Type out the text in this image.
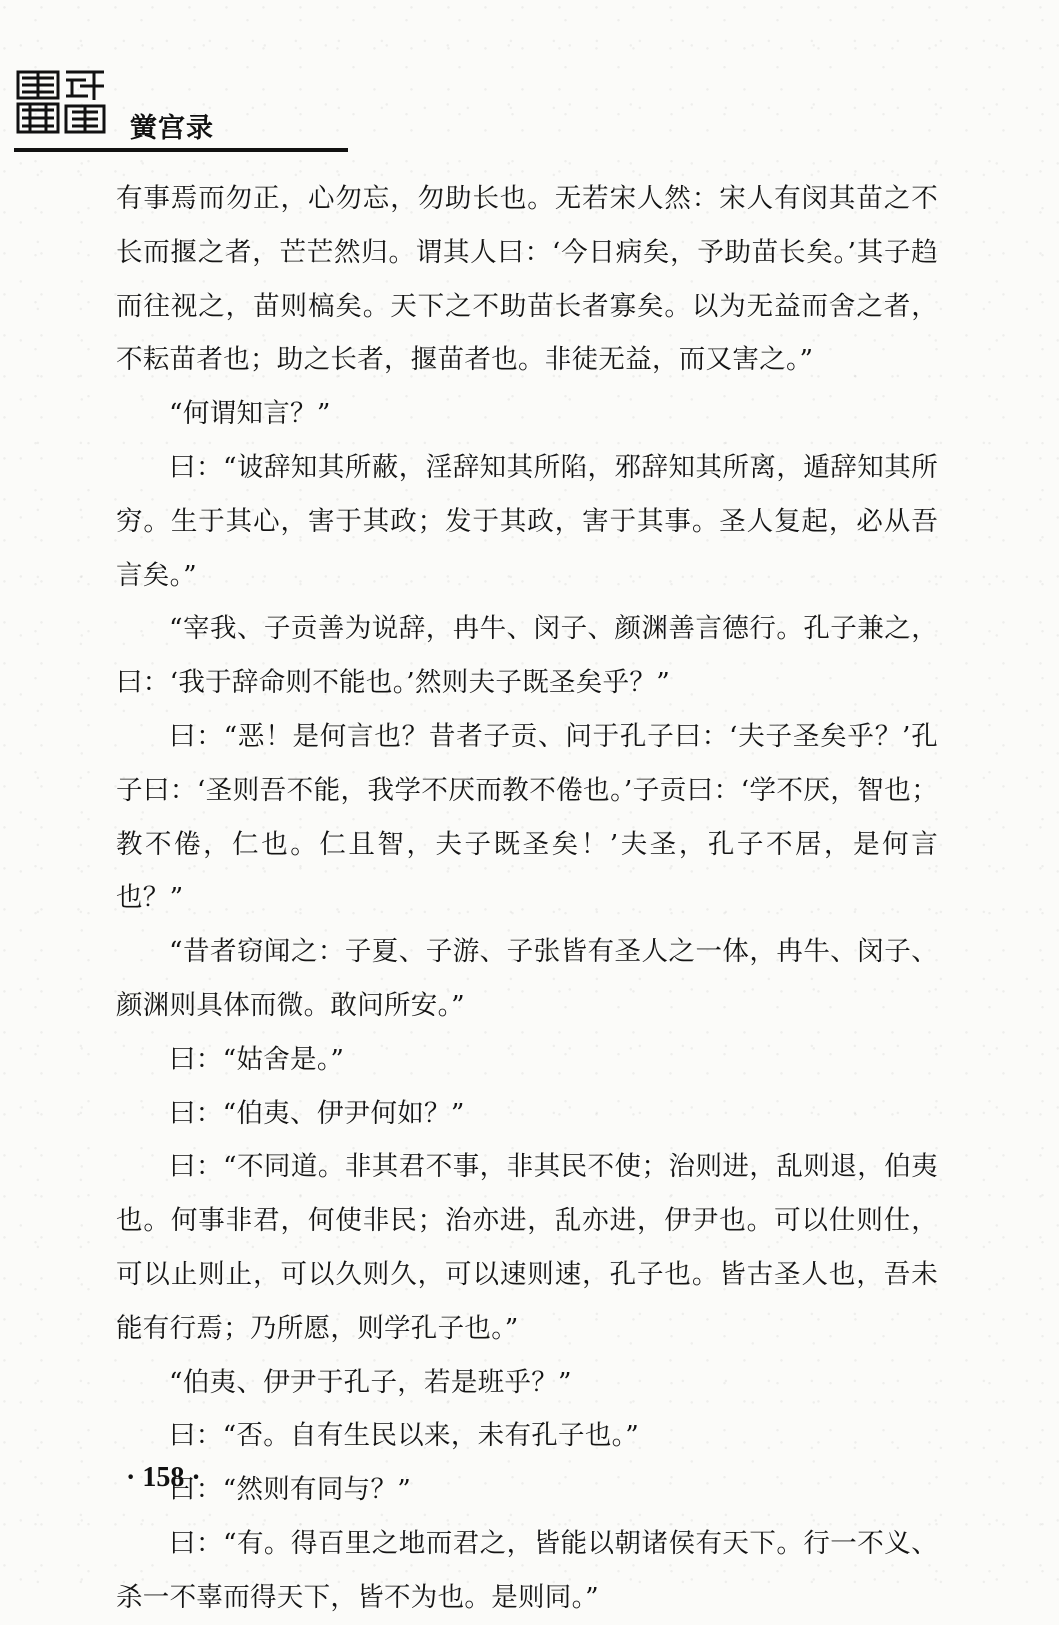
黉宫录

有事焉而勿正，心勿忘，勿助长也。无若宋人然：宋人有闵其苗之不长而揠之者，芒芒然归。谓其人曰：‘今日病矣，予助苗长矣。’其子趋而往视之，苗则槁矣。天下之不助苗长者寡矣。以为无益而舍之者，不耘苗者也；助之长者，揠苗者也。非徒无益，而又害之。”

“何谓知言？”

曰：“诐辞知其所蔽，淫辞知其所陷，邪辞知其所离，遁辞知其所穷。生于其心，害于其政；发于其政，害于其事。圣人复起，必从吾言矣。”

“宰我、子贡善为说辞，冉牛、闵子、颜渊善言德行。孔子兼之，曰：‘我于辞命则不能也。’然则夫子既圣矣乎？”

曰：“恶！是何言也？昔者子贡、问于孔子曰：‘夫子圣矣乎？’孔子曰：‘圣则吾不能，我学不厌而教不倦也。’子贡曰：‘学不厌，智也；教不倦，仁也。仁且智，夫子既圣矣！’夫圣，孔子不居，是何言也？”

“昔者窃闻之：子夏、子游、子张皆有圣人之一体，冉牛、闵子、颜渊则具体而微。敢问所安。”

曰：“姑舍是。”

曰：“伯夷、伊尹何如？”

曰：“不同道。非其君不事，非其民不使；治则进，乱则退，伯夷也。何事非君，何使非民；治亦进，乱亦进，伊尹也。可以仕则仕，可以止则止，可以久则久，可以速则速，孔子也。皆古圣人也，吾未能有行焉；乃所愿，则学孔子也。”

“伯夷、伊尹于孔子，若是班乎？”

曰：“否。自有生民以来，未有孔子也。”

曰：“然则有同与？”

曰：“有。得百里之地而君之，皆能以朝诸侯有天下。行一不义、杀一不辜而得天下，皆不为也。是则同。”

· 158 ·
